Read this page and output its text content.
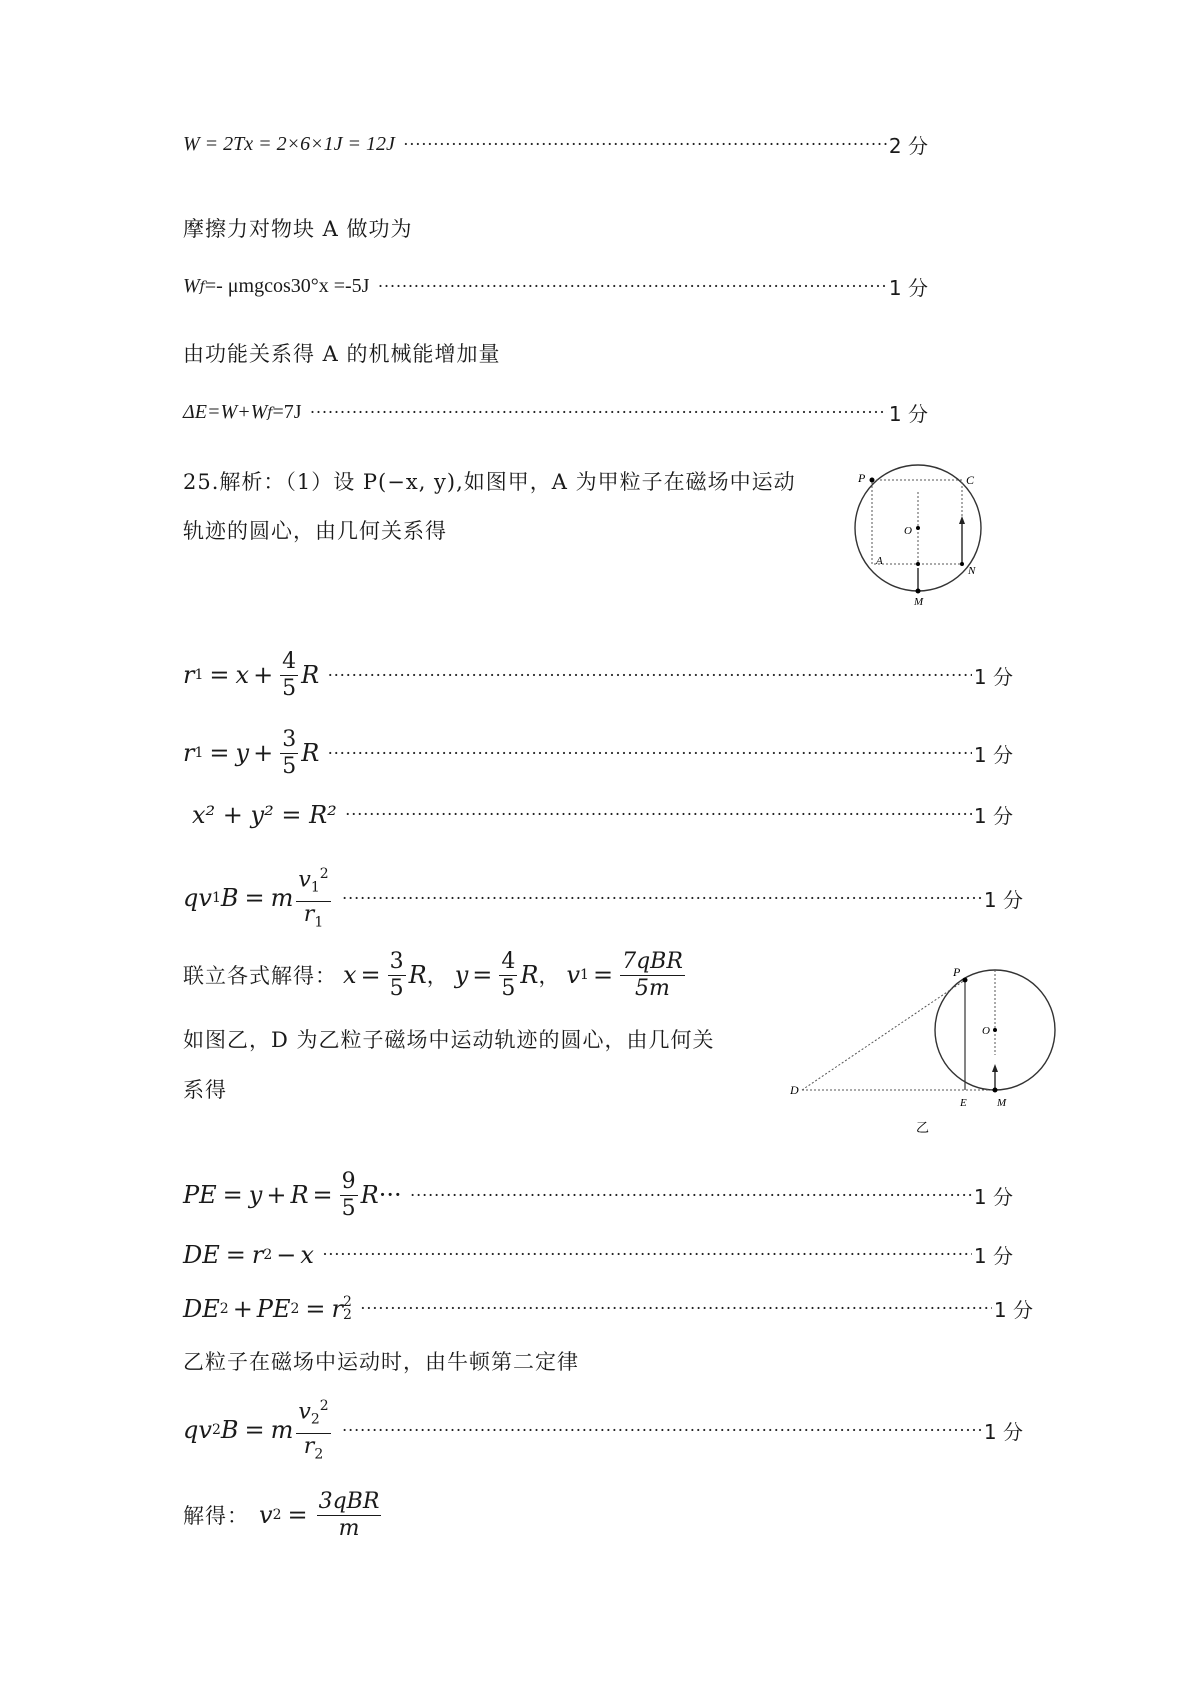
W = 2Tx = 2×6×1J = 12J ·····	2 分
摩擦力对物块 A 做功为
W f =- μmgcos30°x =-5J ·····	1 分
由功能关系得 A 的机械能增加量
ΔE=W+W f =7J ·····	1 分
25.解析：（1）设 P(−x, y),如图甲，A 为甲粒子在磁场中运动
轨迹的圆心，由几何关系得
P	C
O
A
N
M
r $1 = x + \frac{4}{5}$ R ·····	1 分
r $1 = y + \frac{3}{5}$ R ·····	1 分
x² + y² = R² ·····	1 分
q v 1 B = m $\frac{v_1^2}{r_1}$ ·····	1 分
联立各式解得： $x = \frac{3}{5}$ R ， $y = \frac{4}{5}$ R ， v $1 = \frac{\text{7qBR}}{5m}$
如图乙，D 为乙粒子磁场中运动轨迹的圆心，由几何关
系得
P
O
D
E	M
乙
PE = $y + R = \frac{9}{5}$ R ··· ·····	1 分
DE = r 2 − x ·····	1 分
DE 2 + PE 2 = r 2
2 ·····	1 分
乙粒子在磁场中运动时，由牛顿第二定律
q v 2 B = m $\frac{v_2^2}{r_2}$ ·····	1 分
解得： v $2 = \frac{\text{3qBR}}{m}$
